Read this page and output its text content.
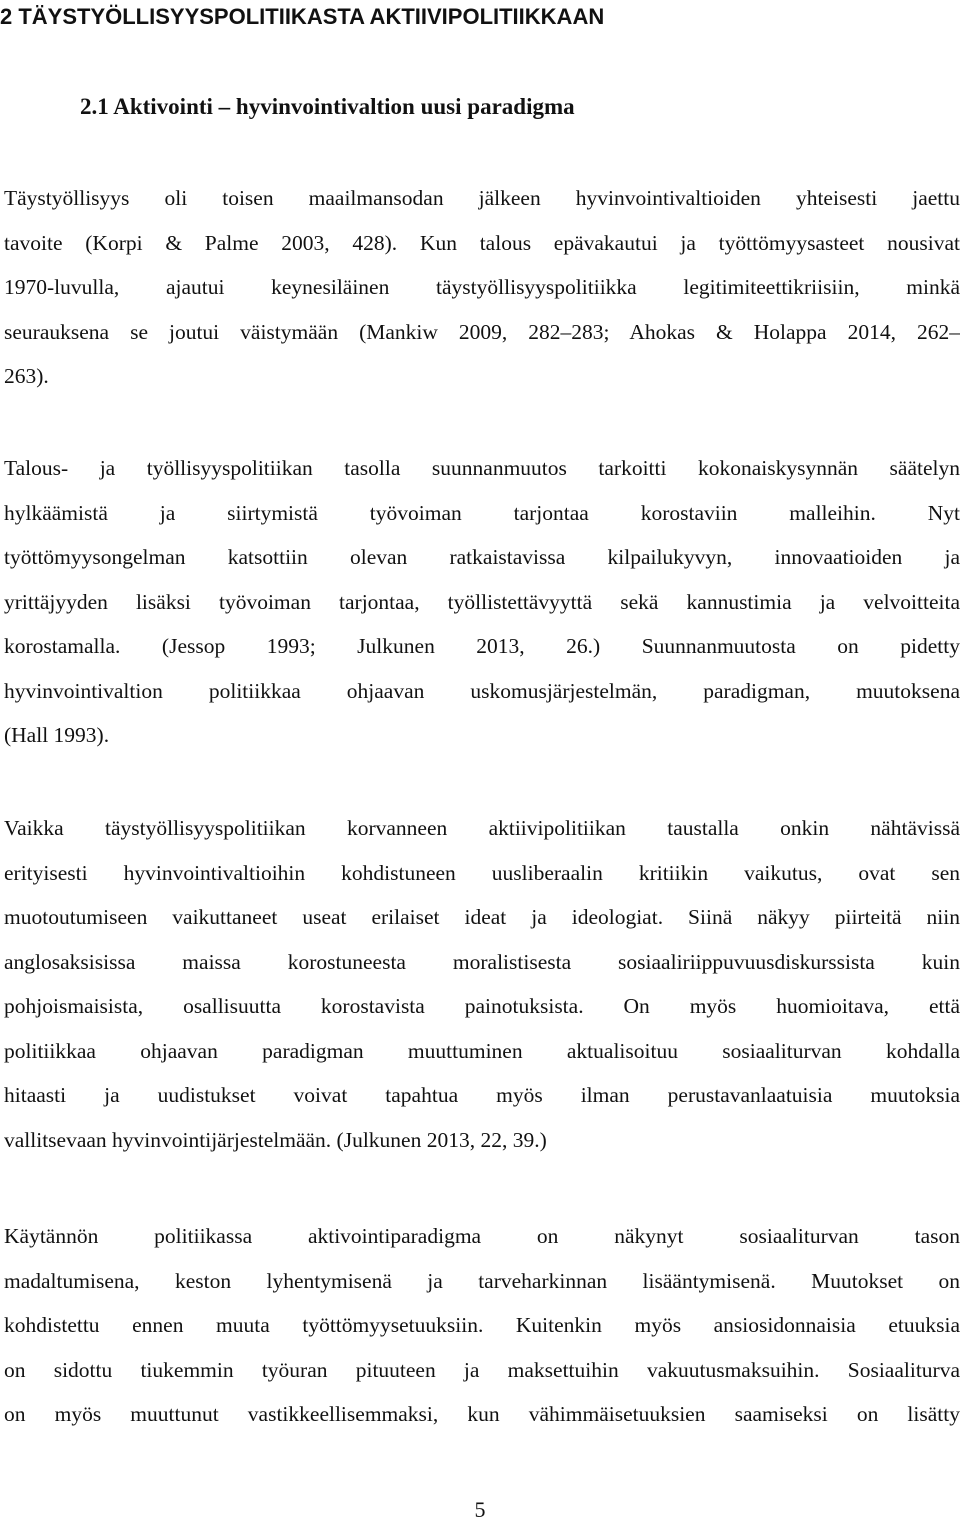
2 TÄYSTYÖLLISYYSPOLITIIKASTA AKTIIVIPOLITIIKKAAN
2.1 Aktivointi – hyvinvointivaltion uusi paradigma
Täystyöllisyys oli toisen maailmansodan jälkeen hyvinvointivaltioiden yhteisesti jaettu
tavoite (Korpi & Palme 2003, 428). Kun talous epävakautui ja työttömyysasteet nousivat
1970-luvulla, ajautui keynesiläinen täystyöllisyyspolitiikka legitimiteettikriisiin, minkä
seurauksena se joutui väistymään (Mankiw 2009, 282–283; Ahokas & Holappa 2014, 262–
263).
Talous- ja työllisyyspolitiikan tasolla suunnanmuutos tarkoitti kokonaiskysynnän säätelyn
hylkäämistä ja siirtymistä työvoiman tarjontaa korostaviin malleihin. Nyt
työttömyysongelman katsottiin olevan ratkaistavissa kilpailukyvyn, innovaatioiden ja
yrittäjyyden lisäksi työvoiman tarjontaa, työllistettävyyttä sekä kannustimia ja velvoitteita
korostamalla. (Jessop 1993; Julkunen 2013, 26.) Suunnanmuutosta on pidetty
hyvinvointivaltion politiikkaa ohjaavan uskomusjärjestelmän, paradigman, muutoksena
(Hall 1993).
Vaikka täystyöllisyyspolitiikan korvanneen aktiivipolitiikan taustalla onkin nähtävissä
erityisesti hyvinvointivaltioihin kohdistuneen uusliberaalin kritiikin vaikutus, ovat sen
muotoutumiseen vaikuttaneet useat erilaiset ideat ja ideologiat. Siinä näkyy piirteitä niin
anglosaksisissa maissa korostuneesta moralistisesta sosiaaliriippuvuusdiskurssista kuin
pohjoismaisista, osallisuutta korostavista painotuksista. On myös huomioitava, että
politiikkaa ohjaavan paradigman muuttuminen aktualisoituu sosiaaliturvan kohdalla
hitaasti ja uudistukset voivat tapahtua myös ilman perustavanlaatuisia muutoksia
vallitsevaan hyvinvointijärjestelmään. (Julkunen 2013, 22, 39.)
Käytännön politiikassa aktivointiparadigma on näkynyt sosiaaliturvan tason
madaltumisena, keston lyhentymisenä ja tarveharkinnan lisääntymisenä. Muutokset on
kohdistettu ennen muuta työttömyysetuuksiin. Kuitenkin myös ansiosidonnaisia etuuksia
on sidottu tiukemmin työuran pituuteen ja maksettuihin vakuutusmaksuihin. Sosiaaliturva
on myös muuttunut vastikkeellisemmaksi, kun vähimmäisetuuksien saamiseksi on lisätty
5
